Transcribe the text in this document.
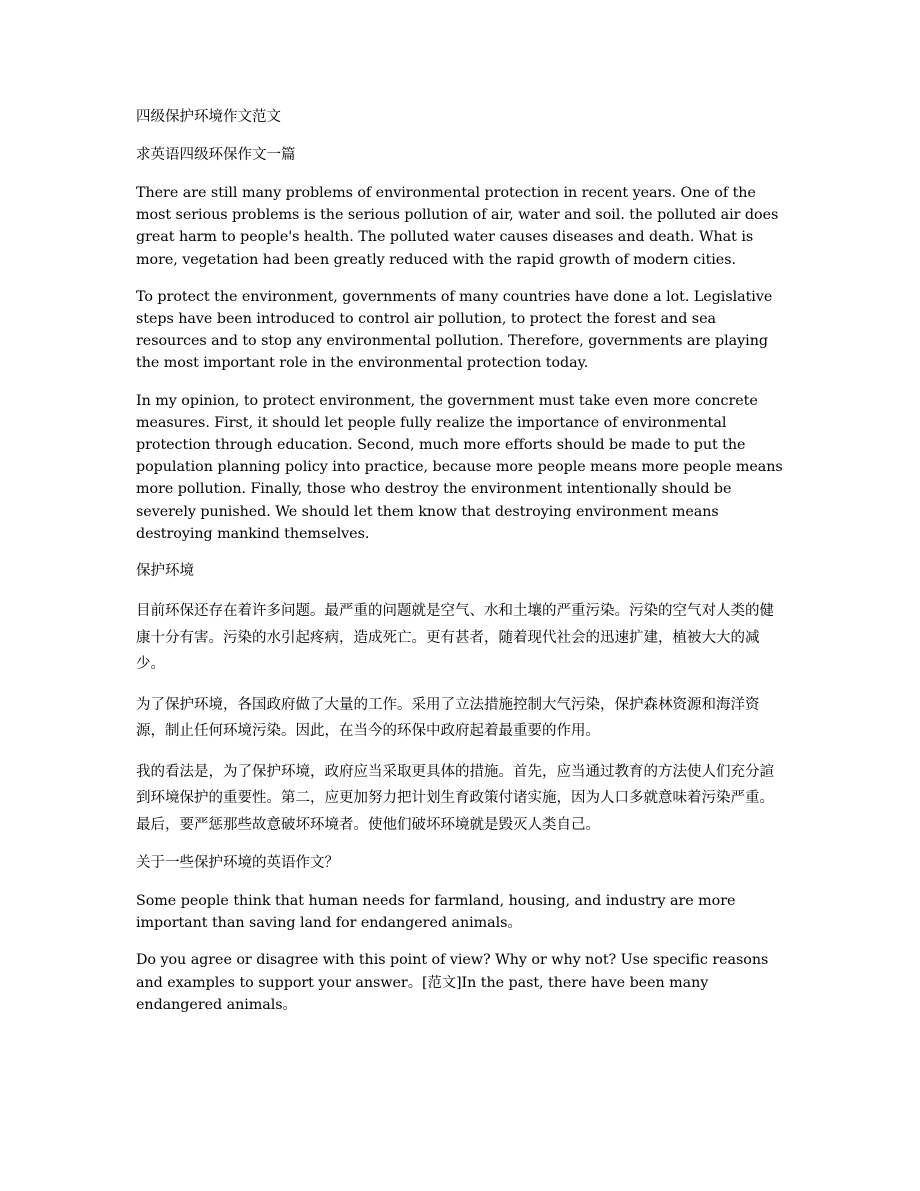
四级保护环境作文范文
求英语四级环保作文一篇

There are still many problems of environmental protection in recent years. One of the most serious problems is the serious pollution of air, water and soil. the polluted air does great harm to people's health. The polluted water causes diseases and death. What is more, vegetation had been greatly reduced with the rapid growth of modern cities.

To protect the environment, governments of many countries have done a lot. Legislative steps have been introduced to control air pollution, to protect the forest and sea resources and to stop any environmental pollution. Therefore, governments are playing the most important role in the environmental protection today.

In my opinion, to protect environment, the government must take even more concrete measures. First, it should let people fully realize the importance of environmental protection through education. Second, much more efforts should be made to put the population planning policy into practice, because more people means more people means more pollution. Finally, those who destroy the environment intentionally should be severely punished. We should let them know that destroying environment means destroying mankind themselves.

保护环境

目前环保还存在着许多问题。最严重的问题就是空气、水和土壤的严重污染。污染的空气对人类的健康十分有害。污染的水引起疼病，造成死亡。更有甚者，随着现代社会的迅速扩建，植被大大的减少。

为了保护环境，各国政府做了大量的工作。采用了立法措施控制大气污染，保护森林资源和海洋资源，制止任何环境污染。因此，在当今的环保中政府起着最重要的作用。

我的看法是，为了保护环境，政府应当采取更具体的措施。首先，应当通过教育的方法使人们充分諠到环境保护的重要性。第二，应更加努力把计划生育政策付诸实施，因为人口多就意味着污染严重。最后，要严惩那些故意破坏环境者。使他们破坏环境就是毁灭人类自己。

关于一些保护环境的英语作文？

Some people think that human needs for farmland, housing, and industry are more important than saving land for endangered animals。

Do you agree or disagree with this point of view? Why or why not? Use specific reasons and examples to support your answer。[范文]In the past, there have been many endangered animals。
